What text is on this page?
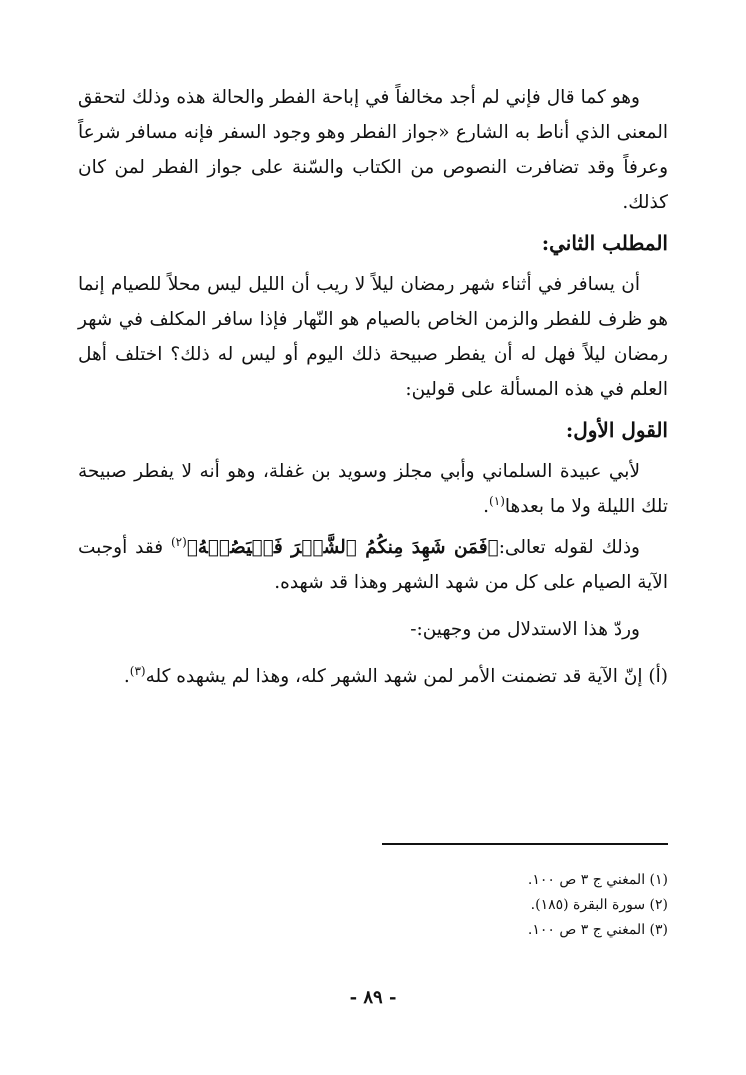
وهو كما قال فإني لم أجد مخالفاً في إباحة الفطر والحالة هذه وذلك لتحقق المعنى الذي أناط به الشارع «جواز الفطر وهو وجود السفر فإنه مسافر شرعاً وعرفاً وقد تضافرت النصوص من الكتاب والسّنة على جواز الفطر لمن كان كذلك.

المطلب الثاني:

أن يسافر في أثناء شهر رمضان ليلاً لا ريب أن الليل ليس محلاً للصيام إنما هو ظرف للفطر والزمن الخاص بالصيام هو النّهار فإذا سافر المكلف في شهر رمضان ليلاً فهل له أن يفطر صبيحة ذلك اليوم أو ليس له ذلك؟ اختلف أهل العلم في هذه المسألة على قولين:

القول الأول:

لأبي عبيدة السلماني وأبي مجلز وسويد بن غفلة، وهو أنه لا يفطر صبيحة تلك الليلة ولا ما بعدها$^{(١)}$.

وذلك لقوله تعالى:﴿فَمَن شَهِدَ مِنكُمُ ٱلشَّهۡرَ فَلۡيَصُمۡهُ﴾$^{(٢)}$ فقد أوجبت الآية الصيام على كل من شهد الشهر وهذا قد شهده.

وردّ هذا الاستدلال من وجهين:-

(أ) إنّ الآية قد تضمنت الأمر لمن شهد الشهر كله، وهذا لم يشهده كله$^{(٣)}$.

(١) المغني ج ٣ ص ١٠٠.
(٢) سورة البقرة (١٨٥).
(٣) المغني ج ٣ ص ١٠٠.
- ٨٩ -
